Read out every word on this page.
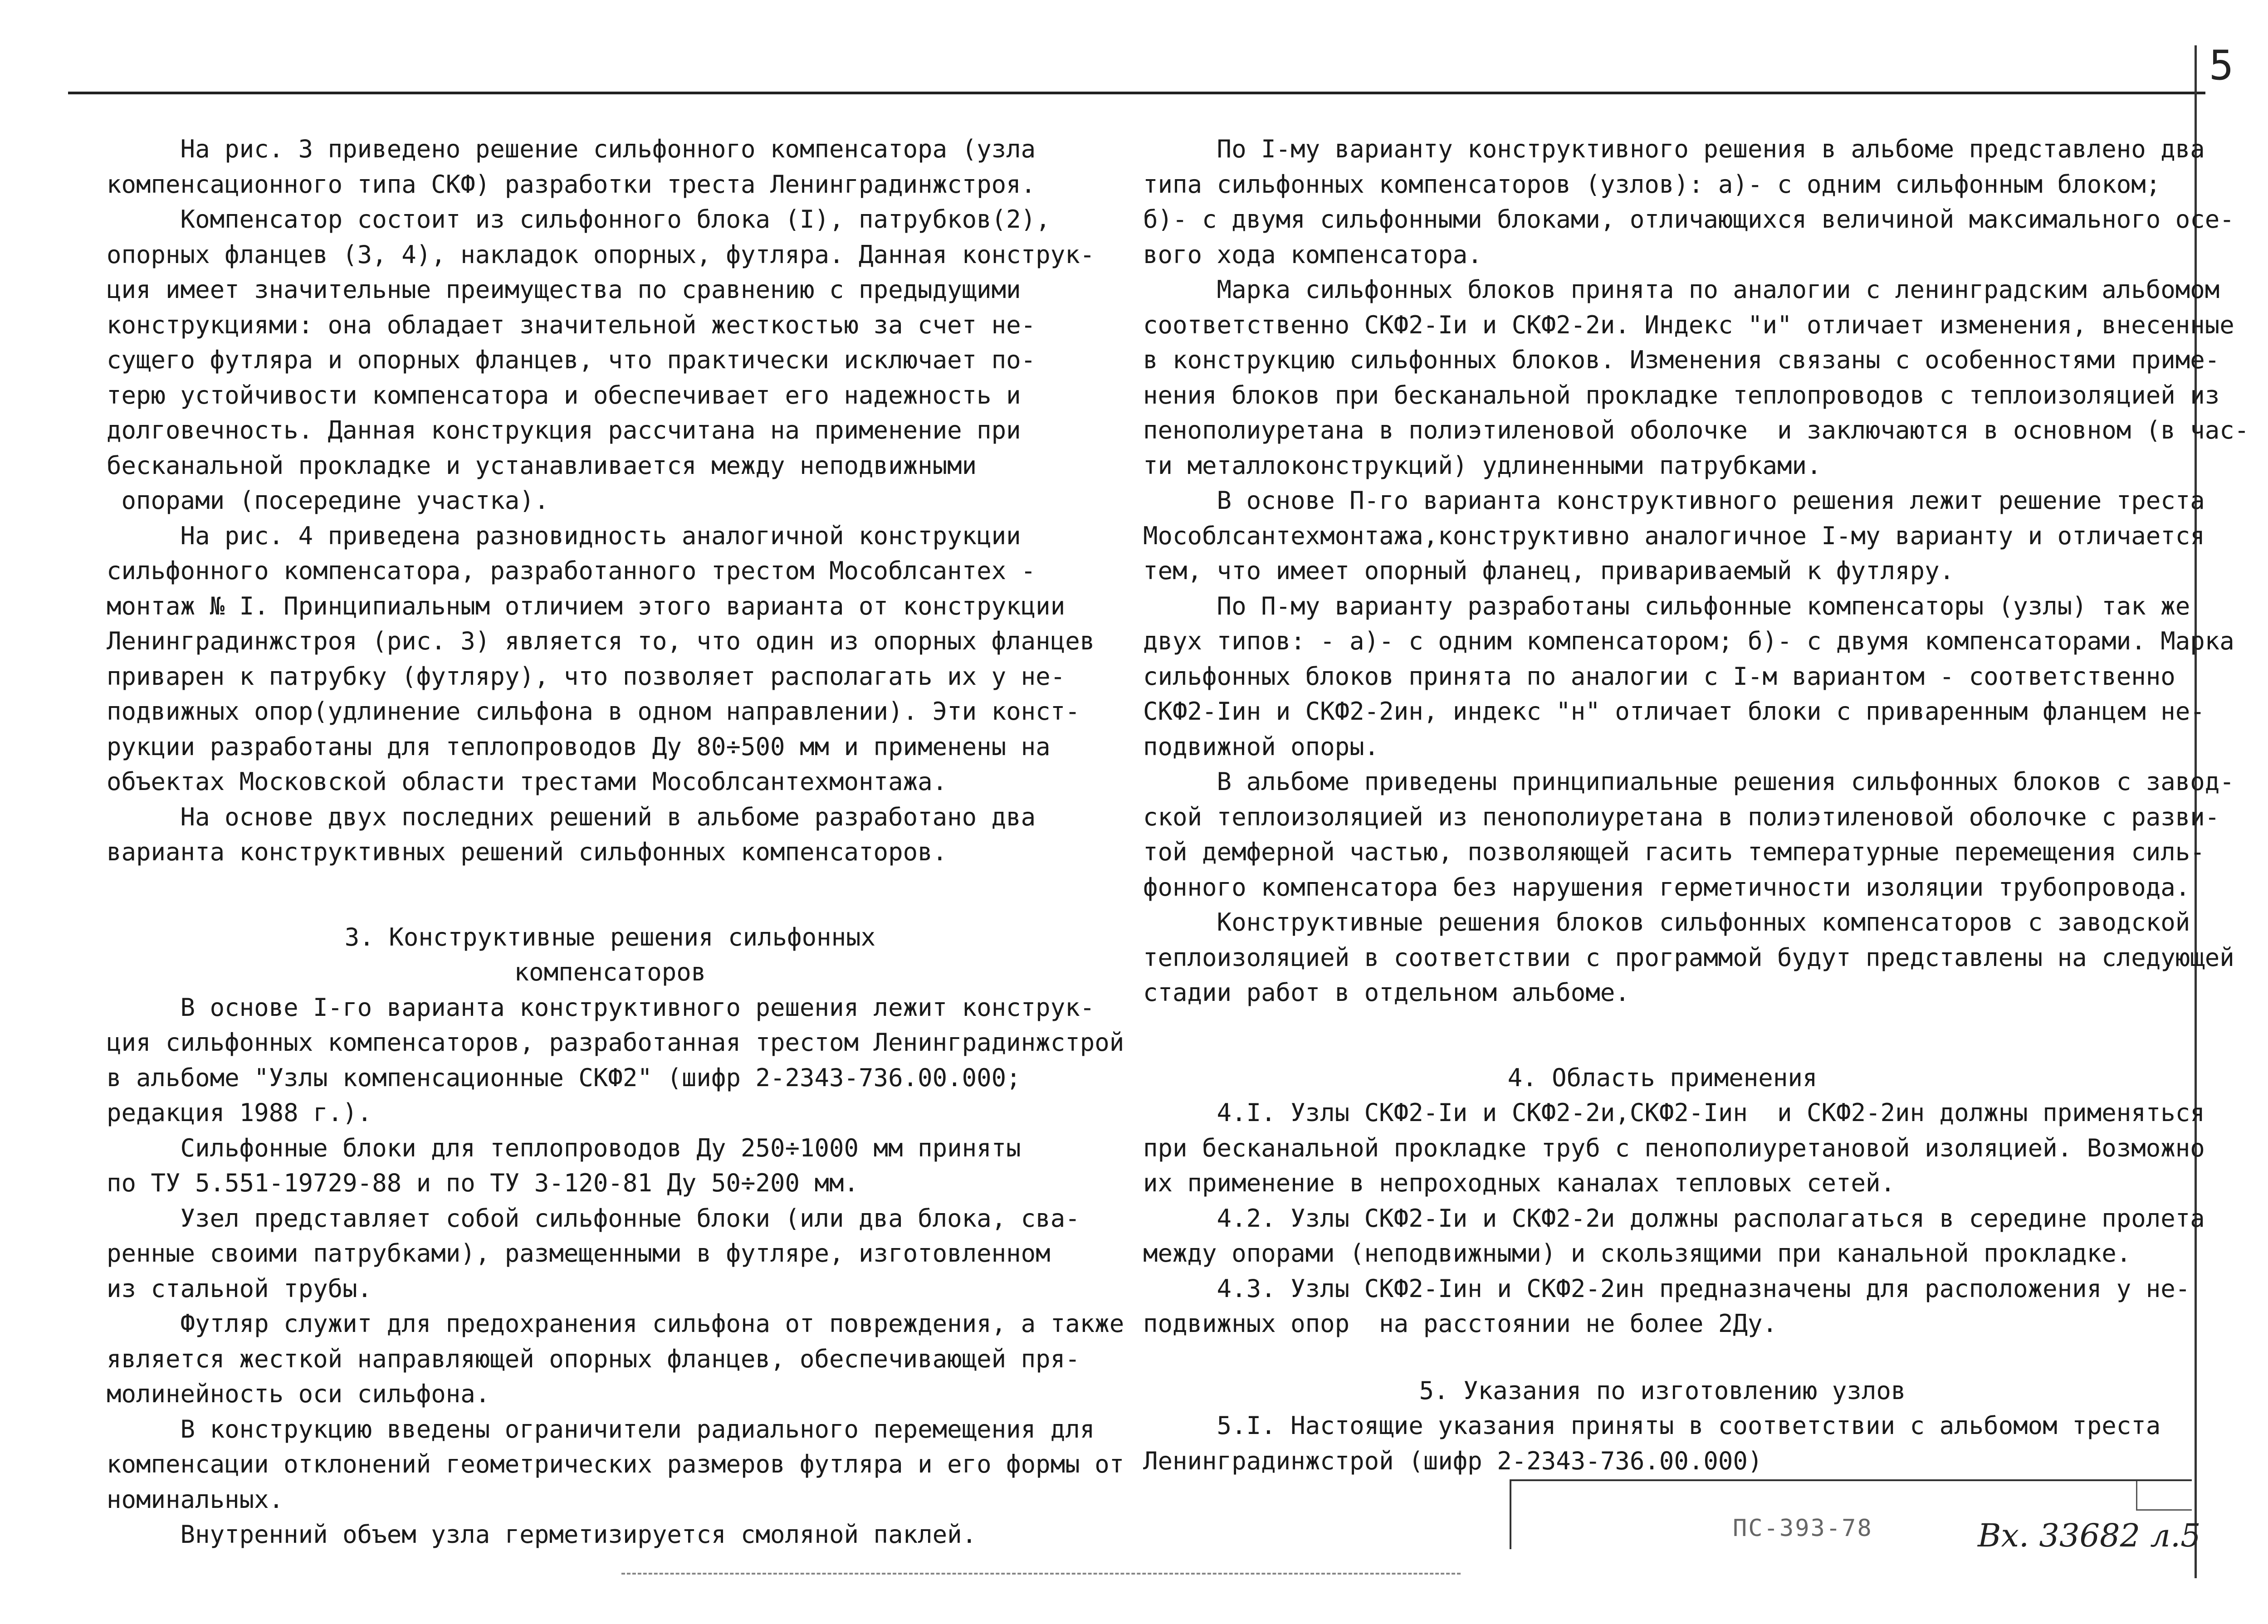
5

На рис. 3 приведено решение сильфонного компенсатора (узла

компенсационного типа СКФ) разработки треста Ленинградинжстроя.

Компенсатор состоит из сильфонного блока (I), патрубков(2),

опорных фланцев (3, 4), накладок опорных, футляра. Данная конструк-

ция имеет значительные преимущества по сравнению с предыдущими

конструкциями: она обладает значительной жесткостью за счет не-

сущего футляра и опорных фланцев, что практически исключает по-

терю устойчивости компенсатора и обеспечивает его надежность и

долговечность. Данная конструкция рассчитана на применение при

бесканальной прокладке и устанавливается между неподвижными

опорами (посередине участка).

На рис. 4 приведена разновидность аналогичной конструкции

сильфонного компенсатора, разработанного трестом Мособлсантех -

монтаж № I. Принципиальным отличием этого варианта от конструкции

Ленинградинжстроя (рис. 3) является то, что один из опорных фланцев

приварен к патрубку (футляру), что позволяет располагать их у не-

подвижных опор(удлинение сильфона в одном направлении). Эти конст-

рукции разработаны для теплопроводов Ду 80÷500 мм и применены на

объектах Московской области трестами Мособлсантехмонтажа.

На основе двух последних решений в альбоме разработано два

варианта конструктивных решений сильфонных компенсаторов.

3. Конструктивные решения сильфонных

компенсаторов

В основе I-го варианта конструктивного решения лежит конструк-

ция сильфонных компенсаторов, разработанная трестом Ленинградинжстрой

в альбоме "Узлы компенсационные СКФ2" (шифр 2-2343-736.00.000;

редакция 1988 г.).

Сильфонные блоки для теплопроводов Ду 250÷1000 мм приняты

по ТУ 5.551-19729-88 и по ТУ 3-120-81 Ду 50÷200 мм.

Узел представляет собой сильфонные блоки (или два блока, сва-

ренные своими патрубками), размещенными в футляре, изготовленном

из стальной трубы.

Футляр служит для предохранения сильфона от повреждения, а также

является жесткой направляющей опорных фланцев, обеспечивающей пря-

молинейность оси сильфона.

В конструкцию введены ограничители радиального перемещения для

компенсации отклонений геометрических размеров футляра и его формы от

номинальных.

Внутренний объем узла герметизируется смоляной паклей.

По I-му варианту конструктивного решения в альбоме представлено два

типа сильфонных компенсаторов (узлов): а)- с одним сильфонным блоком;

б)- с двумя сильфонными блоками, отличающихся величиной максимального осе-

вого хода компенсатора.

Марка сильфонных блоков принята по аналогии с ленинградским альбомом

соответственно СКФ2-Iи и СКФ2-2и. Индекс "и" отличает изменения, внесенные

в конструкцию сильфонных блоков. Изменения связаны с особенностями приме-

нения блоков при бесканальной прокладке теплопроводов с теплоизоляцией из

пенополиуретана в полиэтиленовой оболочке  и заключаются в основном (в час-

ти металлоконструкций) удлиненными патрубками.

В основе П-го варианта конструктивного решения лежит решение треста

Мособлсантехмонтажа,конструктивно аналогичное I-му варианту и отличается

тем, что имеет опорный фланец, привариваемый к футляру.

По П-му варианту разработаны сильфонные компенсаторы (узлы) так же

двух типов: - а)- с одним компенсатором; б)- с двумя компенсаторами. Марка

сильфонных блоков принята по аналогии с I-м вариантом - соответственно

СКФ2-Iин и СКФ2-2ин, индекс "н" отличает блоки с приваренным фланцем не-

подвижной опоры.

В альбоме приведены принципиальные решения сильфонных блоков с завод-

ской теплоизоляцией из пенополиуретана в полиэтиленовой оболочке с разви-

той демферной частью, позволяющей гасить температурные перемещения силь-

фонного компенсатора без нарушения герметичности изоляции трубопровода.

Конструктивные решения блоков сильфонных компенсаторов с заводской

теплоизоляцией в соответствии с программой будут представлены на следующей

стадии работ в отдельном альбоме.

4. Область применения

4.I. Узлы СКФ2-Iи и СКФ2-2и,СКФ2-Iин  и СКФ2-2ин должны применяться

при бесканальной прокладке труб с пенополиуретановой изоляцией. Возможно

их применение в непроходных каналах тепловых сетей.

4.2. Узлы СКФ2-Iи и СКФ2-2и должны располагаться в середине пролета

между опорами (неподвижными) и скользящими при канальной прокладке.

4.3. Узлы СКФ2-Iин и СКФ2-2ин предназначены для расположения у не-

подвижных опор  на расстоянии не более 2Ду.

5. Указания по изготовлению узлов

5.I. Настоящие указания приняты в соответствии с альбомом треста

Ленинградинжстрой (шифр 2-2343-736.00.000)

ПС-393-78	Вх. 33682 л.5
